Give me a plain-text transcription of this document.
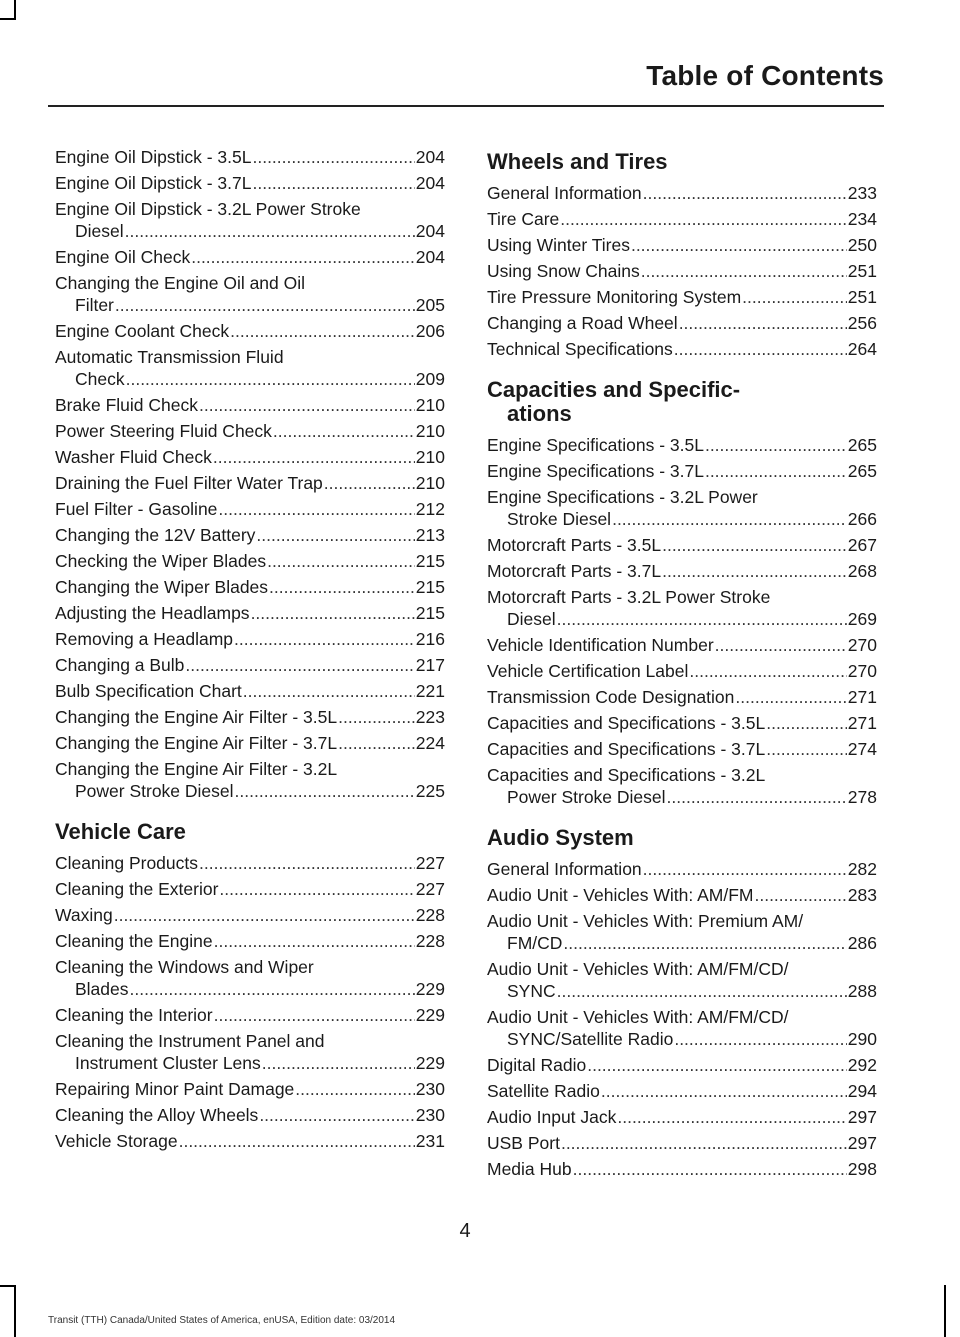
Table of Contents
Engine Oil Dipstick - 3.5L .....	204
Engine Oil Dipstick - 3.7L .....	204
Engine Oil Dipstick - 3.2L Power Stroke
Diesel .....	204
Engine Oil Check .....	204
Changing the Engine Oil and Oil
Filter .....	205
Engine Coolant Check .....	206
Automatic Transmission Fluid
Check .....	209
Brake Fluid Check .....	210
Power Steering Fluid Check .....	210
Washer Fluid Check .....	210
Draining the Fuel Filter Water Trap .....	210
Fuel Filter - Gasoline .....	212
Changing the 12V Battery .....	213
Checking the Wiper Blades .....	215
Changing the Wiper Blades .....	215
Adjusting the Headlamps .....	215
Removing a Headlamp .....	216
Changing a Bulb .....	217
Bulb Specification Chart .....	221
Changing the Engine Air Filter - 3.5L .....	223
Changing the Engine Air Filter - 3.7L .....	224
Changing the Engine Air Filter - 3.2L
Power Stroke Diesel .....	225
Vehicle Care
Cleaning Products .....	227
Cleaning the Exterior .....	227
Waxing .....	228
Cleaning the Engine .....	228
Cleaning the Windows and Wiper
Blades .....	229
Cleaning the Interior .....	229
Cleaning the Instrument Panel and
Instrument Cluster Lens .....	229
Repairing Minor Paint Damage .....	230
Cleaning the Alloy Wheels .....	230
Vehicle Storage .....	231
Wheels and Tires
General Information .....	233
Tire Care .....	234
Using Winter Tires .....	250
Using Snow Chains .....	251
Tire Pressure Monitoring System .....	251
Changing a Road Wheel .....	256
Technical Specifications .....	264
Capacities and Specific-
ations
Engine Specifications - 3.5L .....	265
Engine Specifications - 3.7L .....	265
Engine Specifications - 3.2L Power
Stroke Diesel .....	266
Motorcraft Parts - 3.5L .....	267
Motorcraft Parts - 3.7L .....	268
Motorcraft Parts - 3.2L Power Stroke
Diesel .....	269
Vehicle Identification Number .....	270
Vehicle Certification Label .....	270
Transmission Code Designation .....	271
Capacities and Specifications - 3.5L .....	271
Capacities and Specifications - 3.7L .....	274
Capacities and Specifications - 3.2L
Power Stroke Diesel .....	278
Audio System
General Information .....	282
Audio Unit - Vehicles With: AM/FM .....	283
Audio Unit - Vehicles With: Premium AM/
FM/CD .....	286
Audio Unit - Vehicles With: AM/FM/CD/
SYNC .....	288
Audio Unit - Vehicles With: AM/FM/CD/
SYNC/Satellite Radio .....	290
Digital Radio .....	292
Satellite Radio .....	294
Audio Input Jack .....	297
USB Port .....	297
Media Hub .....	298
4
Transit (TTH) Canada/United States of America, enUSA, Edition date: 03/2014
